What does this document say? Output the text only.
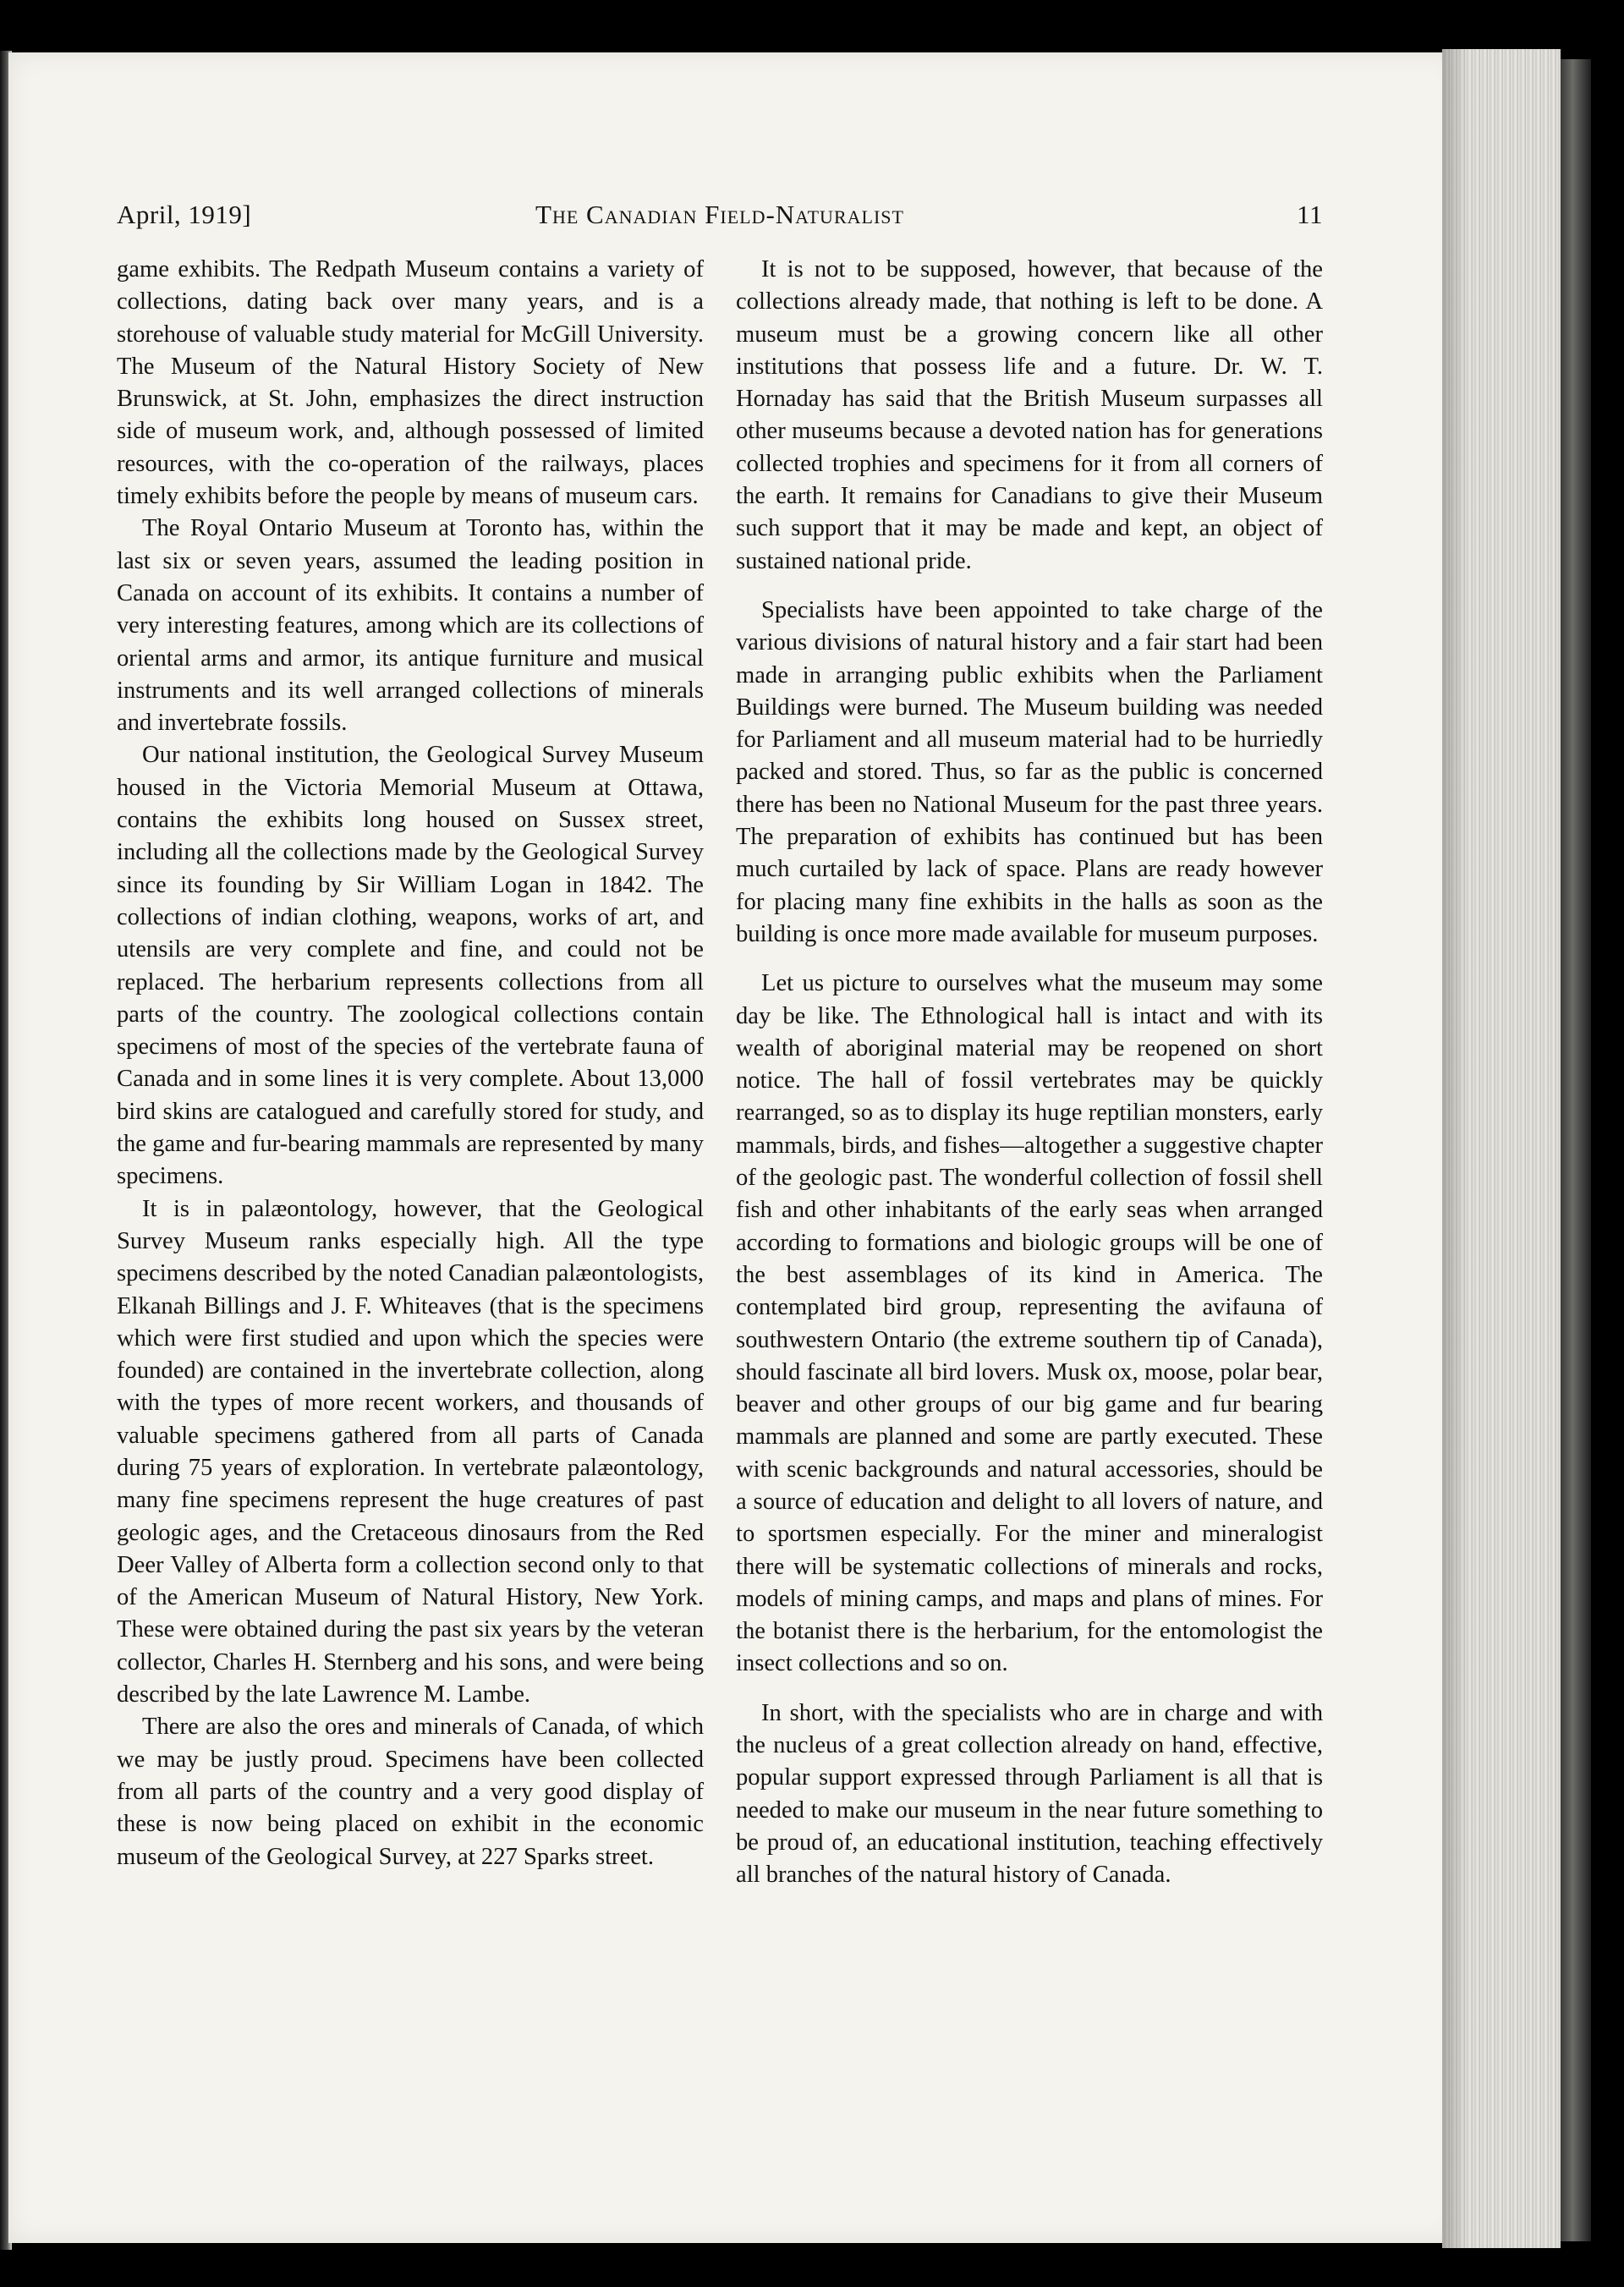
April, 1919]	The Canadian Field-Naturalist	11

game exhibits. The Redpath Museum contains a variety of collections, dating back over many years, and is a storehouse of valuable study material for McGill University. The Museum of the Natural History Society of New Brunswick, at St. John, emphasizes the direct instruction side of museum work, and, although possessed of limited resources, with the co-operation of the railways, places timely exhibits before the people by means of museum cars.

The Royal Ontario Museum at Toronto has, within the last six or seven years, assumed the leading position in Canada on account of its exhibits. It contains a number of very interesting features, among which are its collections of oriental arms and armor, its antique furniture and musical instruments and its well arranged collections of minerals and invertebrate fossils.

Our national institution, the Geological Survey Museum housed in the Victoria Memorial Museum at Ottawa, contains the exhibits long housed on Sussex street, including all the collections made by the Geological Survey since its founding by Sir William Logan in 1842. The collections of indian clothing, weapons, works of art, and utensils are very complete and fine, and could not be replaced. The herbarium represents collections from all parts of the country. The zoological collections contain specimens of most of the species of the vertebrate fauna of Canada and in some lines it is very complete. About 13,000 bird skins are catalogued and carefully stored for study, and the game and fur-bearing mammals are represented by many specimens.

It is in palæontology, however, that the Geological Survey Museum ranks especially high. All the type specimens described by the noted Canadian palæontologists, Elkanah Billings and J. F. Whiteaves (that is the specimens which were first studied and upon which the species were founded) are contained in the invertebrate collection, along with the types of more recent workers, and thousands of valuable specimens gathered from all parts of Canada during 75 years of exploration. In vertebrate palæontology, many fine specimens represent the huge creatures of past geologic ages, and the Cretaceous dinosaurs from the Red Deer Valley of Alberta form a collection second only to that of the American Museum of Natural History, New York. These were obtained during the past six years by the veteran collector, Charles H. Sternberg and his sons, and were being described by the late Lawrence M. Lambe.

There are also the ores and minerals of Canada, of which we may be justly proud. Specimens have been collected from all parts of the country and a very good display of these is now being placed on exhibit in the economic museum of the Geological Survey, at 227 Sparks street.

It is not to be supposed, however, that because of the collections already made, that nothing is left to be done. A museum must be a growing concern like all other institutions that possess life and a future. Dr. W. T. Hornaday has said that the British Museum surpasses all other museums because a devoted nation has for generations collected trophies and specimens for it from all corners of the earth. It remains for Canadians to give their Museum such support that it may be made and kept, an object of sustained national pride.

Specialists have been appointed to take charge of the various divisions of natural history and a fair start had been made in arranging public exhibits when the Parliament Buildings were burned. The Museum building was needed for Parliament and all museum material had to be hurriedly packed and stored. Thus, so far as the public is concerned there has been no National Museum for the past three years. The preparation of exhibits has continued but has been much curtailed by lack of space. Plans are ready however for placing many fine exhibits in the halls as soon as the building is once more made available for museum purposes.

Let us picture to ourselves what the museum may some day be like. The Ethnological hall is intact and with its wealth of aboriginal material may be reopened on short notice. The hall of fossil vertebrates may be quickly rearranged, so as to display its huge reptilian monsters, early mammals, birds, and fishes—altogether a suggestive chapter of the geologic past. The wonderful collection of fossil shell fish and other inhabitants of the early seas when arranged according to formations and biologic groups will be one of the best assemblages of its kind in America. The contemplated bird group, representing the avifauna of southwestern Ontario (the extreme southern tip of Canada), should fascinate all bird lovers. Musk ox, moose, polar bear, beaver and other groups of our big game and fur bearing mammals are planned and some are partly executed. These with scenic backgrounds and natural accessories, should be a source of education and delight to all lovers of nature, and to sportsmen especially. For the miner and mineralogist there will be systematic collections of minerals and rocks, models of mining camps, and maps and plans of mines. For the botanist there is the herbarium, for the entomologist the insect collections and so on.

In short, with the specialists who are in charge and with the nucleus of a great collection already on hand, effective, popular support expressed through Parliament is all that is needed to make our museum in the near future something to be proud of, an educational institution, teaching effectively all branches of the natural history of Canada.
